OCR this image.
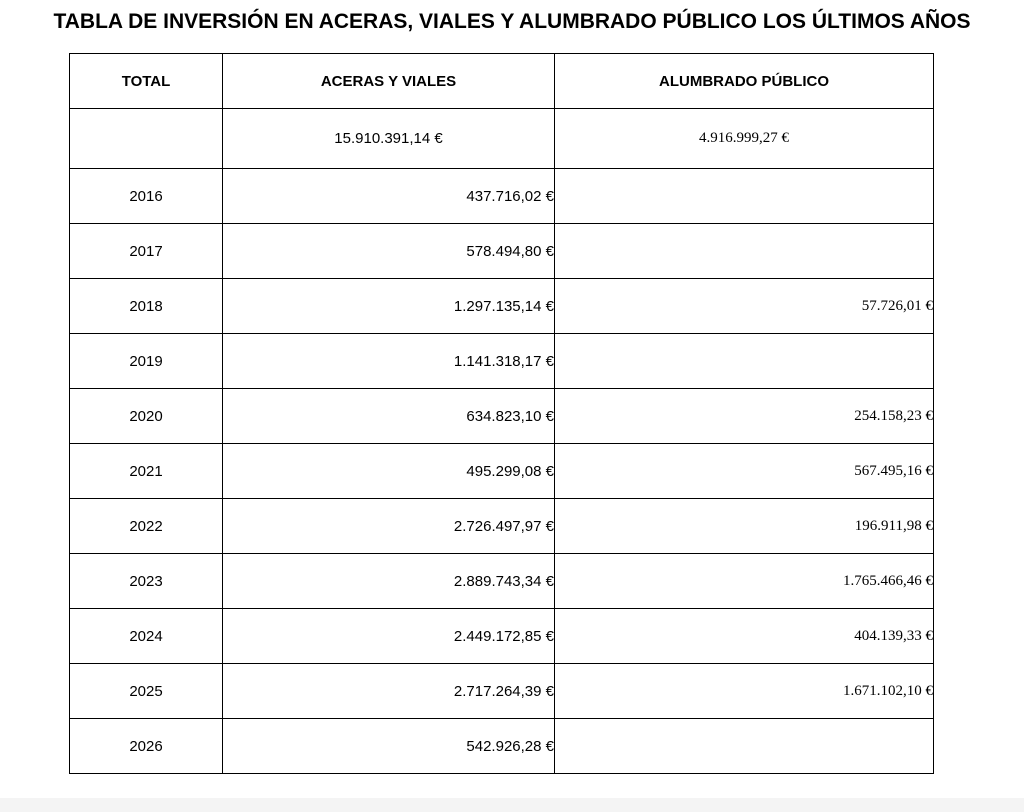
TABLA DE INVERSIÓN EN ACERAS, VIALES Y ALUMBRADO PÚBLICO LOS ÚLTIMOS AÑOS
TOTAL	ACERAS Y VIALES	ALUMBRADO PÚBLICO
	15.910.391,14 €	4.916.999,27 €
2016	437.716,02 €	
2017	578.494,80 €	
2018	1.297.135,14 €	57.726,01 €
2019	1.141.318,17 €	
2020	634.823,10 €	254.158,23 €
2021	495.299,08 €	567.495,16 €
2022	2.726.497,97 €	196.911,98 €
2023	2.889.743,34 €	1.765.466,46 €
2024	2.449.172,85 €	404.139,33 €
2025	2.717.264,39 €	1.671.102,10 €
2026	542.926,28 €	
